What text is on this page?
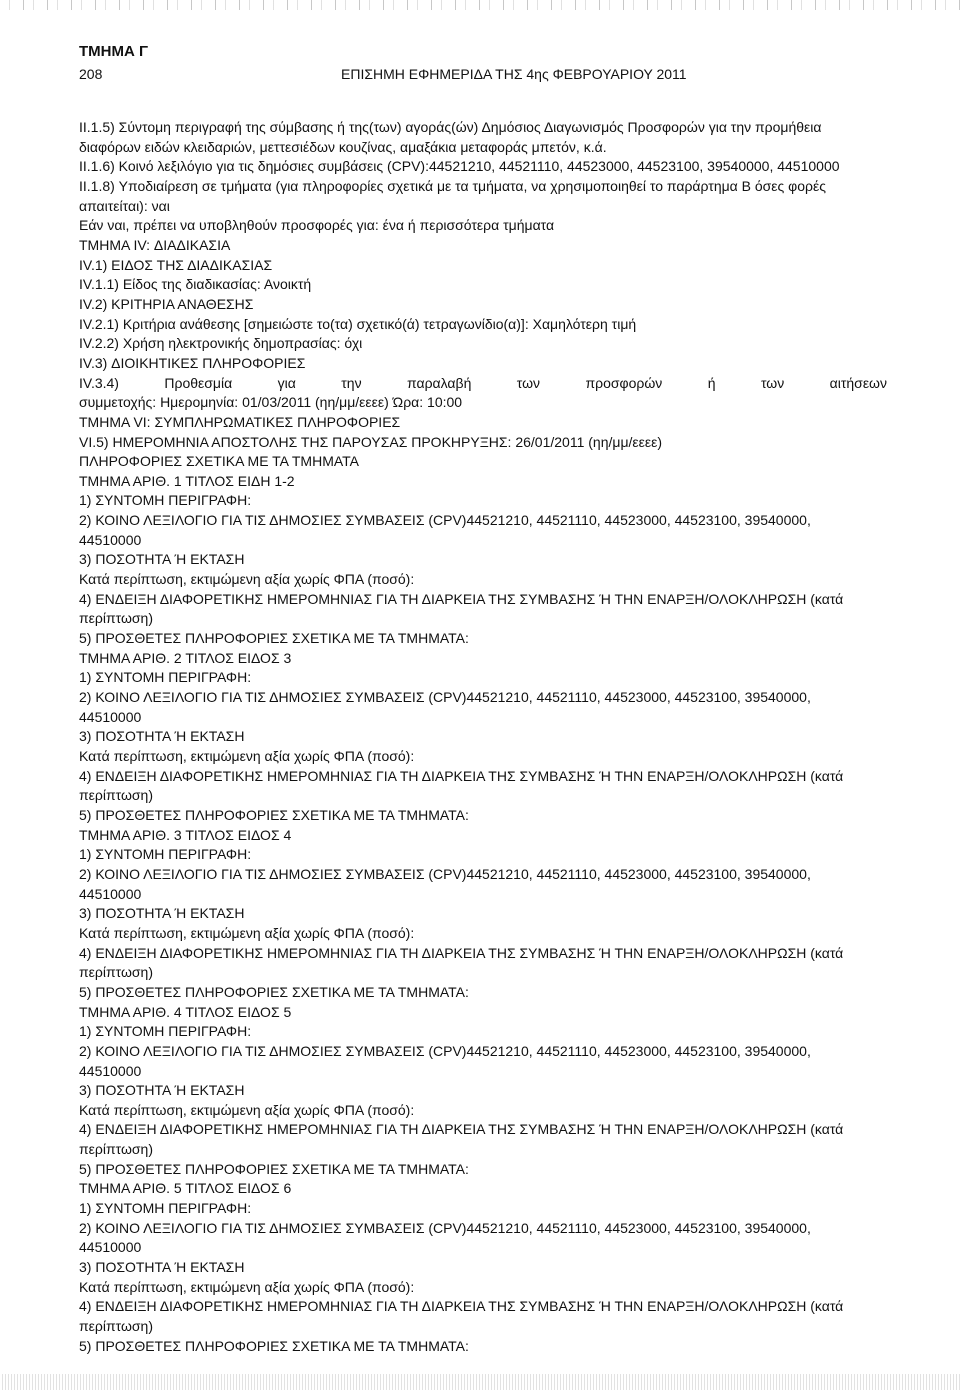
ΤΜΗΜΑ Γ
208	ΕΠΙΣΗΜΗ ΕΦΗΜΕΡΙΔΑ ΤΗΣ 4ης ΦΕΒΡΟΥΑΡΙΟΥ 2011
II.1.5) Σύντομη περιγραφή της σύμβασης ή της(των) αγοράς(ών) Δημόσιος Διαγωνισμός Προσφορών για την προμήθεια
διαφόρων ειδών κλειδαριών, μεττεσιέδων κουζίνας, αμαξάκια μεταφοράς μπετόν, κ.ά.
II.1.6) Κοινό λεξιλόγιο για τις δημόσιες συμβάσεις (CPV):44521210, 44521110, 44523000, 44523100, 39540000, 44510000
II.1.8) Υποδιαίρεση σε τμήματα (για πληροφορίες σχετικά με τα τμήματα, να χρησιμοποιηθεί το παράρτημα Β όσες φορές
απαιτείται): ναι
Εάν ναι, πρέπει να υποβληθούν προσφορές για: ένα ή περισσότερα τμήματα
ΤΜΗΜΑ IV: ΔΙΑΔΙΚΑΣΙΑ
IV.1) ΕΙΔΟΣ ΤΗΣ ΔΙΑΔΙΚΑΣΙΑΣ
IV.1.1) Είδος της διαδικασίας: Ανοικτή
IV.2) ΚΡΙΤΗΡΙΑ ΑΝΑΘΕΣΗΣ
IV.2.1) Κριτήρια ανάθεσης [σημειώστε το(τα) σχετικό(ά) τετραγωνίδιο(α)]: Χαμηλότερη τιμή
IV.2.2) Χρήση ηλεκτρονικής δημοπρασίας: όχι
IV.3) ΔΙΟΙΚΗΤΙΚΕΣ ΠΛΗΡΟΦΟΡΙΕΣ
IV.3.4) Προθεσμία για την παραλαβή των προσφορών ή των αιτήσεων
συμμετοχής: Ημερομηνία: 01/03/2011 (ηη/μμ/εεεε) Ώρα: 10:00
ΤΜΗΜΑ VI: ΣΥΜΠΛΗΡΩΜΑΤΙΚΕΣ ΠΛΗΡΟΦΟΡΙΕΣ
VI.5) ΗΜΕΡΟΜΗΝΙΑ ΑΠΟΣΤΟΛΗΣ ΤΗΣ ΠΑΡΟΥΣΑΣ ΠΡΟΚΗΡΥΞΗΣ: 26/01/2011 (ηη/μμ/εεεε)
ΠΛΗΡΟΦΟΡΙΕΣ ΣΧΕΤΙΚΑ ΜΕ ΤΑ ΤΜΗΜΑΤΑ
ΤΜΗΜΑ ΑΡΙΘ. 1 ΤΙΤΛΟΣ ΕΙΔΗ 1-2
1) ΣΥΝΤΟΜΗ ΠΕΡΙΓΡΑΦΗ:
2) ΚΟΙΝΟ ΛΕΞΙΛΟΓΙΟ ΓΙΑ ΤΙΣ ΔΗΜΟΣΙΕΣ ΣΥΜΒΑΣΕΙΣ (CPV)44521210, 44521110, 44523000, 44523100, 39540000,
44510000
3) ΠΟΣΟΤΗΤΑ Ή ΕΚΤΑΣΗ
Κατά περίπτωση, εκτιμώμενη αξία χωρίς ΦΠΑ (ποσό):
4) ΕΝΔΕΙΞΗ ΔΙΑΦΟΡΕΤΙΚΗΣ ΗΜΕΡΟΜΗΝΙΑΣ ΓΙΑ ΤΗ ΔΙΑΡΚΕΙΑ ΤΗΣ ΣΥΜΒΑΣΗΣ Ή ΤΗΝ ΕΝΑΡΞΗ/ΟΛΟΚΛΗΡΩΣΗ (κατά
περίπτωση)
5) ΠΡΟΣΘΕΤΕΣ ΠΛΗΡΟΦΟΡΙΕΣ ΣΧΕΤΙΚΑ ΜΕ ΤΑ ΤΜΗΜΑΤΑ:
ΤΜΗΜΑ ΑΡΙΘ. 2 ΤΙΤΛΟΣ ΕΙΔΟΣ 3
1) ΣΥΝΤΟΜΗ ΠΕΡΙΓΡΑΦΗ:
2) ΚΟΙΝΟ ΛΕΞΙΛΟΓΙΟ ΓΙΑ ΤΙΣ ΔΗΜΟΣΙΕΣ ΣΥΜΒΑΣΕΙΣ (CPV)44521210, 44521110, 44523000, 44523100, 39540000,
44510000
3) ΠΟΣΟΤΗΤΑ Ή ΕΚΤΑΣΗ
Κατά περίπτωση, εκτιμώμενη αξία χωρίς ΦΠΑ (ποσό):
4) ΕΝΔΕΙΞΗ ΔΙΑΦΟΡΕΤΙΚΗΣ ΗΜΕΡΟΜΗΝΙΑΣ ΓΙΑ ΤΗ ΔΙΑΡΚΕΙΑ ΤΗΣ ΣΥΜΒΑΣΗΣ Ή ΤΗΝ ΕΝΑΡΞΗ/ΟΛΟΚΛΗΡΩΣΗ (κατά
περίπτωση)
5) ΠΡΟΣΘΕΤΕΣ ΠΛΗΡΟΦΟΡΙΕΣ ΣΧΕΤΙΚΑ ΜΕ ΤΑ ΤΜΗΜΑΤΑ:
ΤΜΗΜΑ ΑΡΙΘ. 3 ΤΙΤΛΟΣ ΕΙΔΟΣ 4
1) ΣΥΝΤΟΜΗ ΠΕΡΙΓΡΑΦΗ:
2) ΚΟΙΝΟ ΛΕΞΙΛΟΓΙΟ ΓΙΑ ΤΙΣ ΔΗΜΟΣΙΕΣ ΣΥΜΒΑΣΕΙΣ (CPV)44521210, 44521110, 44523000, 44523100, 39540000,
44510000
3) ΠΟΣΟΤΗΤΑ Ή ΕΚΤΑΣΗ
Κατά περίπτωση, εκτιμώμενη αξία χωρίς ΦΠΑ (ποσό):
4) ΕΝΔΕΙΞΗ ΔΙΑΦΟΡΕΤΙΚΗΣ ΗΜΕΡΟΜΗΝΙΑΣ ΓΙΑ ΤΗ ΔΙΑΡΚΕΙΑ ΤΗΣ ΣΥΜΒΑΣΗΣ Ή ΤΗΝ ΕΝΑΡΞΗ/ΟΛΟΚΛΗΡΩΣΗ (κατά
περίπτωση)
5) ΠΡΟΣΘΕΤΕΣ ΠΛΗΡΟΦΟΡΙΕΣ ΣΧΕΤΙΚΑ ΜΕ ΤΑ ΤΜΗΜΑΤΑ:
ΤΜΗΜΑ ΑΡΙΘ. 4 ΤΙΤΛΟΣ ΕΙΔΟΣ 5
1) ΣΥΝΤΟΜΗ ΠΕΡΙΓΡΑΦΗ:
2) ΚΟΙΝΟ ΛΕΞΙΛΟΓΙΟ ΓΙΑ ΤΙΣ ΔΗΜΟΣΙΕΣ ΣΥΜΒΑΣΕΙΣ (CPV)44521210, 44521110, 44523000, 44523100, 39540000,
44510000
3) ΠΟΣΟΤΗΤΑ Ή ΕΚΤΑΣΗ
Κατά περίπτωση, εκτιμώμενη αξία χωρίς ΦΠΑ (ποσό):
4) ΕΝΔΕΙΞΗ ΔΙΑΦΟΡΕΤΙΚΗΣ ΗΜΕΡΟΜΗΝΙΑΣ ΓΙΑ ΤΗ ΔΙΑΡΚΕΙΑ ΤΗΣ ΣΥΜΒΑΣΗΣ Ή ΤΗΝ ΕΝΑΡΞΗ/ΟΛΟΚΛΗΡΩΣΗ (κατά
περίπτωση)
5) ΠΡΟΣΘΕΤΕΣ ΠΛΗΡΟΦΟΡΙΕΣ ΣΧΕΤΙΚΑ ΜΕ ΤΑ ΤΜΗΜΑΤΑ:
ΤΜΗΜΑ ΑΡΙΘ. 5 ΤΙΤΛΟΣ ΕΙΔΟΣ 6
1) ΣΥΝΤΟΜΗ ΠΕΡΙΓΡΑΦΗ:
2) ΚΟΙΝΟ ΛΕΞΙΛΟΓΙΟ ΓΙΑ ΤΙΣ ΔΗΜΟΣΙΕΣ ΣΥΜΒΑΣΕΙΣ (CPV)44521210, 44521110, 44523000, 44523100, 39540000,
44510000
3) ΠΟΣΟΤΗΤΑ Ή ΕΚΤΑΣΗ
Κατά περίπτωση, εκτιμώμενη αξία χωρίς ΦΠΑ (ποσό):
4) ΕΝΔΕΙΞΗ ΔΙΑΦΟΡΕΤΙΚΗΣ ΗΜΕΡΟΜΗΝΙΑΣ ΓΙΑ ΤΗ ΔΙΑΡΚΕΙΑ ΤΗΣ ΣΥΜΒΑΣΗΣ Ή ΤΗΝ ΕΝΑΡΞΗ/ΟΛΟΚΛΗΡΩΣΗ (κατά
περίπτωση)
5) ΠΡΟΣΘΕΤΕΣ ΠΛΗΡΟΦΟΡΙΕΣ ΣΧΕΤΙΚΑ ΜΕ ΤΑ ΤΜΗΜΑΤΑ:
